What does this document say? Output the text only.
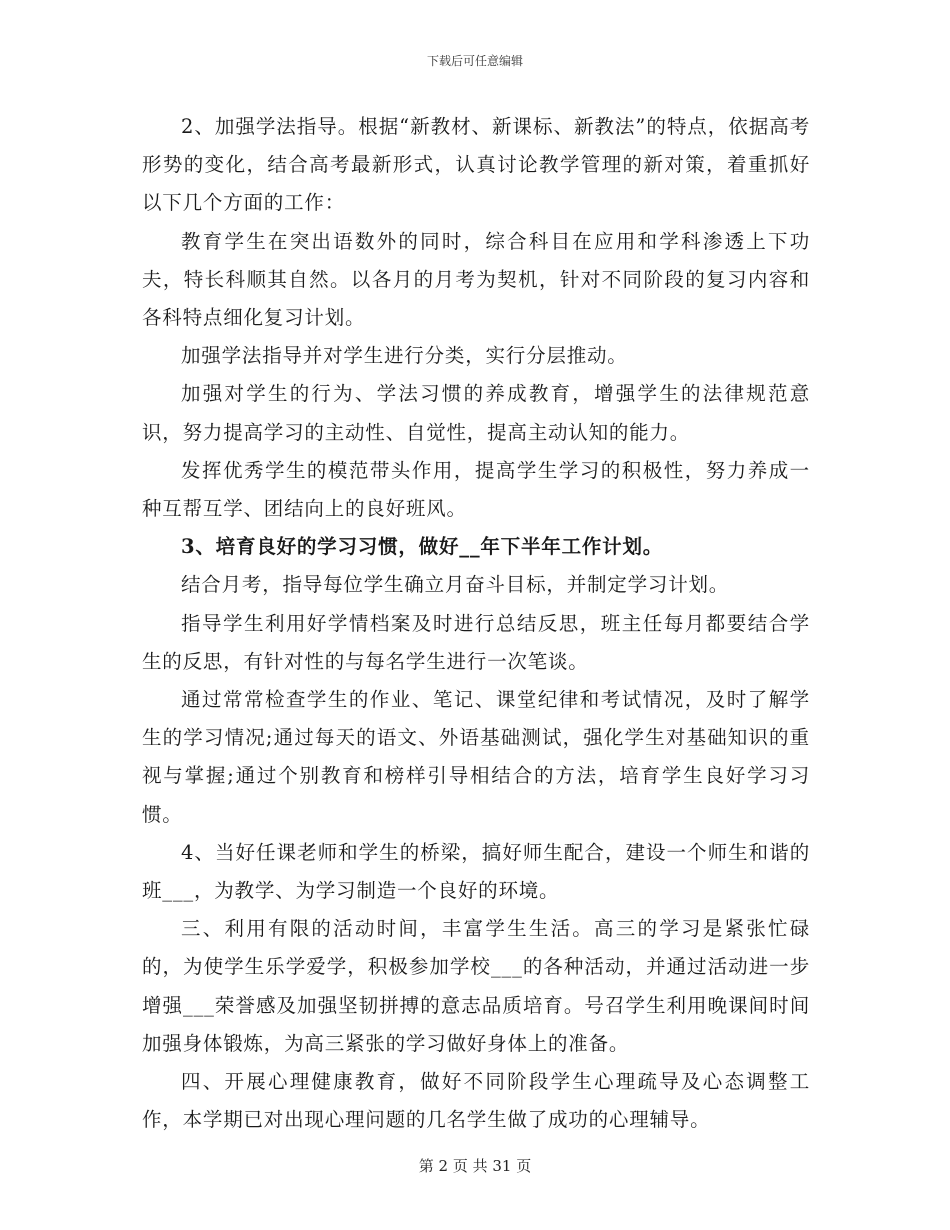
下载后可任意编辑

2、加强学法指导。根据“新教材、新课标、新教法”的特点，依据高考形势的变化，结合高考最新形式，认真讨论教学管理的新对策，着重抓好以下几个方面的工作：

教育学生在突出语数外的同时，综合科目在应用和学科渗透上下功夫，特长科顺其自然。以各月的月考为契机，针对不同阶段的复习内容和各科特点细化复习计划。

加强学法指导并对学生进行分类，实行分层推动。

加强对学生的行为、学法习惯的养成教育，增强学生的法律规范意识，努力提高学习的主动性、自觉性，提高主动认知的能力。

发挥优秀学生的模范带头作用，提高学生学习的积极性，努力养成一种互帮互学、团结向上的良好班风。

3、培育良好的学习习惯，做好__年下半年工作计划。

结合月考，指导每位学生确立月奋斗目标，并制定学习计划。

指导学生利用好学情档案及时进行总结反思，班主任每月都要结合学生的反思，有针对性的与每名学生进行一次笔谈。

通过常常检查学生的作业、笔记、课堂纪律和考试情况，及时了解学生的学习情况;通过每天的语文、外语基础测试，强化学生对基础知识的重视与掌握;通过个别教育和榜样引导相结合的方法，培育学生良好学习习惯。

4、当好任课老师和学生的桥梁，搞好师生配合，建设一个师生和谐的班___，为教学、为学习制造一个良好的环境。

三、利用有限的活动时间，丰富学生生活。高三的学习是紧张忙碌的，为使学生乐学爱学，积极参加学校___的各种活动，并通过活动进一步增强___荣誉感及加强坚韧拼搏的意志品质培育。号召学生利用晚课间时间加强身体锻炼，为高三紧张的学习做好身体上的准备。

四、开展心理健康教育，做好不同阶段学生心理疏导及心态调整工作，本学期已对出现心理问题的几名学生做了成功的心理辅导。

第 2 页 共 31 页
